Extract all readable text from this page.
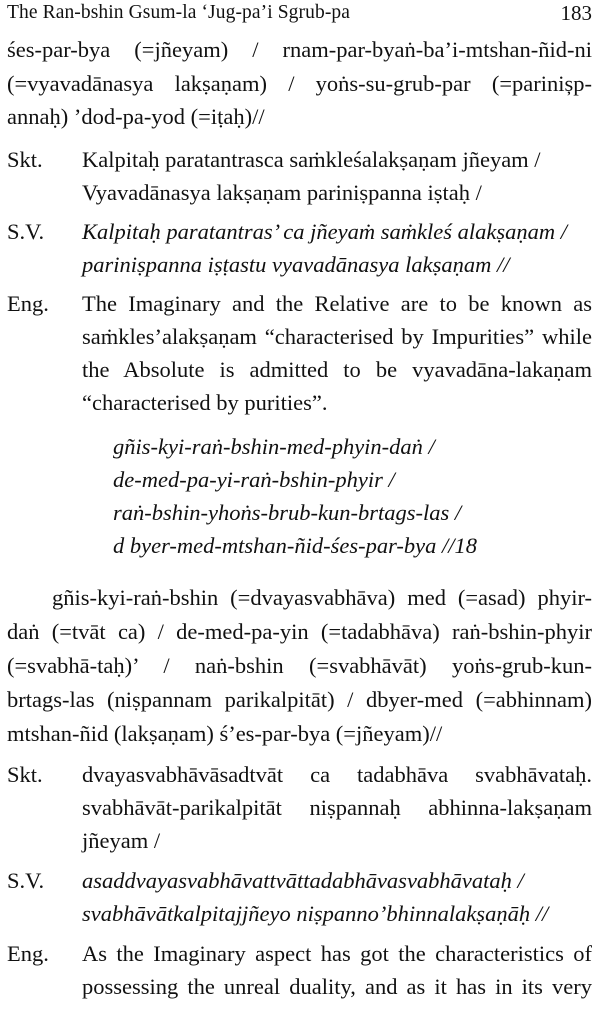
The Ran-bshin Gsum-la ‘Jug-pa’i Sgrub-pa	183
śes-par-bya (=jñeyam) / rnam-par-byaṅ-ba’i-mtshan-ñid-ni
(=vyavadānasya lakṣaṇam) / yoṅs-su-grub-par (=parinișp-
annaḥ) ’dod-pa-yod (=iṭaḥ)//
Skt. Kalpitaḥ paratantrasca saṁkleśalakṣaṇam jñeyam /
Vyavadānasya lakṣaṇam pariniṣpanna iṣtaḥ /
S.V. Kalpitaḥ paratantras’ ca jñeyaṁ saṁkleś alakṣaṇam /
pariniṣpanna iṣṭastu vyavadānasya lakṣaṇam //
Eng. The Imaginary and the Relative are to be known as
saṁkles’alakṣaṇam “characterised by Impurities” while
the Absolute is admitted to be vyavadāna-lakaṇam
“characterised by purities”.
gñis-kyi-raṅ-bshin-med-phyin-daṅ /
de-med-pa-yi-raṅ-bshin-phyir /
raṅ-bshin-yhoṅs-brub-kun-brtags-las /
d byer-med-mtshan-ñid-śes-par-bya //18
gñis-kyi-raṅ-bshin (=dvayasvabhāva) med (=asad) phyir-
daṅ (=tvāt ca) / de-med-pa-yin (=tadabhāva) raṅ-bshin-phyir
(=svabhā-taḥ)’ / naṅ-bshin (=svabhāvāt) yoṅs-grub-kun-
brtags-las (niṣpannam parikalpitāt) / dbyer-med (=abhinnam)
mtshan-ñid (lakṣaṇam) ś’es-par-bya (=jñeyam)//
Skt. dvayasvabhāvāsadtvāt ca tadabhāva svabhāvataḥ.
svabhāvāt-parikalpitāt niṣpannaḥ abhinna-lakṣaṇam
jñeyam /
S.V. asaddvayasvabhāvattvāttadabhāvasvabhāvataḥ /
svabhāvātkalpitajjñeyo niṣpanno’bhinnalakṣaṇāḥ //
Eng. As the Imaginary aspect has got the characteristics of
possessing the unreal duality, and as it has in its very
